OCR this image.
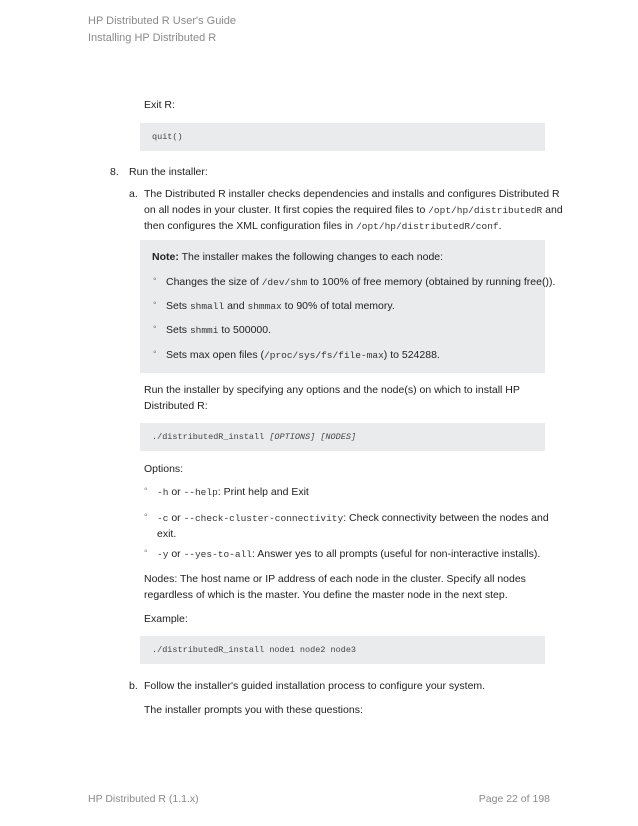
HP Distributed R User's Guide
Installing HP Distributed R
Exit R:
quit()
8. Run the installer:
a. The Distributed R installer checks dependencies and installs and configures Distributed R
on all nodes in your cluster. It first copies the required files to /opt/hp/distributedR and
then configures the XML configuration files in /opt/hp/distributedR/conf.
Note: The installer makes the following changes to each node:
◦ Changes the size of /dev/shm to 100% of free memory (obtained by running free()).
◦ Sets shmall and shmmax to 90% of total memory.
◦ Sets shmmi to 500000.
◦ Sets max open files (/proc/sys/fs/file-max) to 524288.
Run the installer by specifying any options and the node(s) on which to install HP
Distributed R:
./distributedR_install [OPTIONS] [NODES]
Options:
◦ -h or --help: Print help and Exit
◦ -c or --check-cluster-connectivity: Check connectivity between the nodes and
exit.
◦ -y or --yes-to-all: Answer yes to all prompts (useful for non-interactive installs).
Nodes: The host name or IP address of each node in the cluster. Specify all nodes
regardless of which is the master. You define the master node in the next step.
Example:
./distributedR_install node1 node2 node3
b. Follow the installer's guided installation process to configure your system.
The installer prompts you with these questions:
HP Distributed R (1.1.x)	Page 22 of 198
